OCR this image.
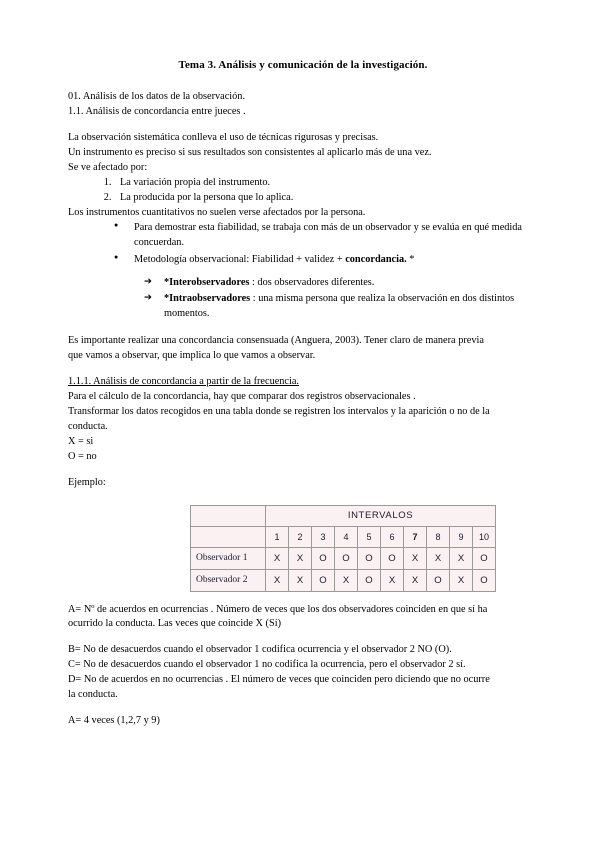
Tema 3. Análisis y comunicación de la investigación.

01. Análisis de los datos de la observación.

1.1. Análisis de concordancia entre jueces .

La observación sistemática conlleva el uso de técnicas rigurosas y precisas.

Un instrumento es preciso si sus resultados son consistentes al aplicarlo más de una vez.

Se ve afectado por:

1. La variación propia del instrumento.
2. La producida por la persona que lo aplica.

Los instrumentos cuantitativos no suelen verse afectados por la persona.

● Para demostrar esta fiabilidad, se trabaja con más de un observador y se evalúa en qué medida concuerdan.
● Metodología observacional: Fiabilidad + validez + concordancia. *
➔ *Interobservadores : dos observadores diferentes.
➔ *Intraobservadores : una misma persona que realiza la observación en dos distintos momentos.

Es importante realizar una concordancia consensuada (Anguera, 2003). Tener claro de manera previa

que vamos a observar, que implica lo que vamos a observar.

1.1.1. Análisis de concordancia a partir de la frecuencia.

Para el cálculo de la concordancia, hay que comparar dos registros observacionales .

Transformar los datos recogidos en una tabla donde se registren los intervalos y la aparición o no de la

conducta.

X = si

O = no

Ejemplo:

	INTERVALOS									
	1	2	3	4	5	6	7	8	9	10
Observador 1	X	X	O	O	O	O	X	X	X	O
Observador 2	X	X	O	X	O	X	X	O	X	O

A= Nº de acuerdos en ocurrencias . Número de veces que los dos observadores coinciden en que sí ha

ocurrido la conducta. Las veces que coincide X (Sí)

B= No de desacuerdos cuando el observador 1 codifica ocurrencia y el observador 2 NO (O).

C= No de desacuerdos cuando el observador 1 no codifica la ocurrencia, pero el observador 2 sí.

D= No de acuerdos en no ocurrencias . El número de veces que coinciden pero diciendo que no ocurre

la conducta.

A= 4 veces (1,2,7 y 9)
